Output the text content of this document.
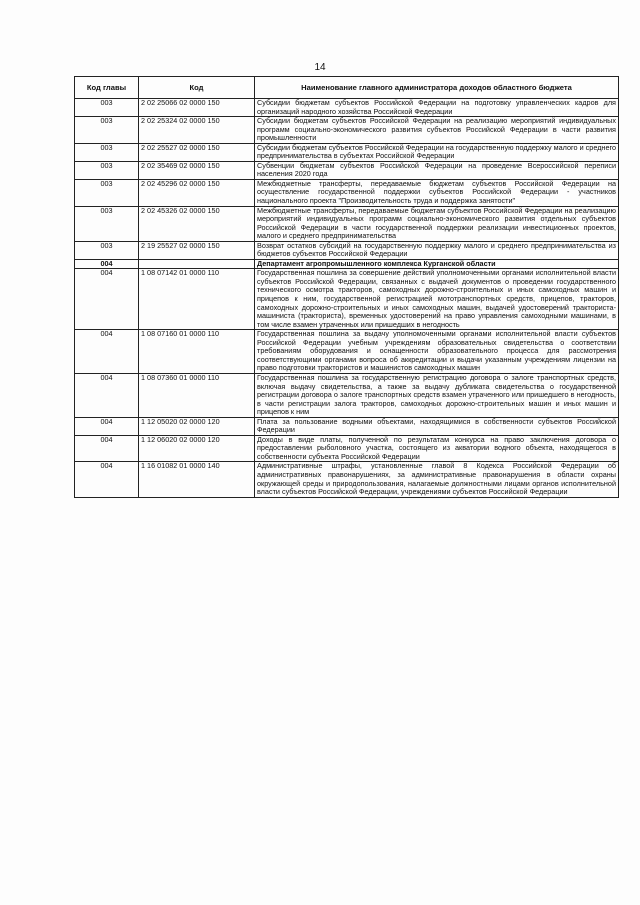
14
Код главы	Код	Наименование главного администратора доходов областного бюджета
003	2 02 25066 02 0000 150	Субсидии бюджетам субъектов Российской Федерации на подготовку управленческих кадров для организаций народного хозяйства Российской Федерации
003	2 02 25324 02 0000 150	Субсидии бюджетам субъектов Российской Федерации на реализацию мероприятий индивидуальных программ социально-экономического развития субъектов Российской Федерации в части развития промышленности
003	2 02 25527 02 0000 150	Субсидии бюджетам субъектов Российской Федерации на государственную поддержку малого и среднего предпринимательства в субъектах Российской Федерации
003	2 02 35469 02 0000 150	Субвенции бюджетам субъектов Российской Федерации на проведение Всероссийской переписи населения 2020 года
003	2 02 45296 02 0000 150	Межбюджетные трансферты, передаваемые бюджетам субъектов Российской Федерации на осуществление государственной поддержки субъектов Российской Федерации - участников национального проекта "Производительность труда и поддержка занятости"
003	2 02 45326 02 0000 150	Межбюджетные трансферты, передаваемые бюджетам субъектов Российской Федерации на реализацию мероприятий индивидуальных программ социально-экономического развития отдельных субъектов Российской Федерации в части государственной поддержки реализации инвестиционных проектов, малого и среднего предпринимательства
003	2 19 25527 02 0000 150	Возврат остатков субсидий на государственную поддержку малого и среднего предпринимательства из бюджетов субъектов Российской Федерации
004		Департамент агропромышленного комплекса Курганской области
004	1 08 07142 01 0000 110	Государственная пошлина за совершение действий уполномоченными органами исполнительной власти субъектов Российской Федерации, связанных с выдачей документов о проведении государственного технического осмотра тракторов, самоходных дорожно-строительных и иных самоходных машин и прицепов к ним, государственной регистрацией мототранспортных средств, прицепов, тракторов, самоходных дорожно-строительных и иных самоходных машин, выдачей удостоверений тракториста-машиниста (тракториста), временных удостоверений на право управления самоходными машинами, в том числе взамен утраченных или пришедших в негодность
004	1 08 07160 01 0000 110	Государственная пошлина за выдачу уполномоченными органами исполнительной власти субъектов Российской Федерации учебным учреждениям образовательных свидетельства о соответствии требованиям оборудования и оснащенности образовательного процесса для рассмотрения соответствующими органами вопроса об аккредитации и выдачи указанным учреждениям лицензии на право подготовки трактористов и машинистов самоходных машин
004	1 08 07360 01 0000 110	Государственная пошлина за государственную регистрацию договора о залоге транспортных средств, включая выдачу свидетельства, а также за выдачу дубликата свидетельства о государственной регистрации договора о залоге транспортных средств взамен утраченного или пришедшего в негодность, в части регистрации залога тракторов, самоходных дорожно-строительных машин и иных машин и прицепов к ним
004	1 12 05020 02 0000 120	Плата за пользование водными объектами, находящимися в собственности субъектов Российской Федерации
004	1 12 06020 02 0000 120	Доходы в виде платы, полученной по результатам конкурса на право заключения договора о предоставлении рыболовного участка, состоящего из акватории водного объекта, находящегося в собственности субъекта Российской Федерации
004	1 16 01082 01 0000 140	Административные штрафы, установленные главой 8 Кодекса Российской Федерации об административных правонарушениях, за административные правонарушения в области охраны окружающей среды и природопользования, налагаемые должностными лицами органов исполнительной власти субъектов Российской Федерации, учреждениями субъектов Российской Федерации
